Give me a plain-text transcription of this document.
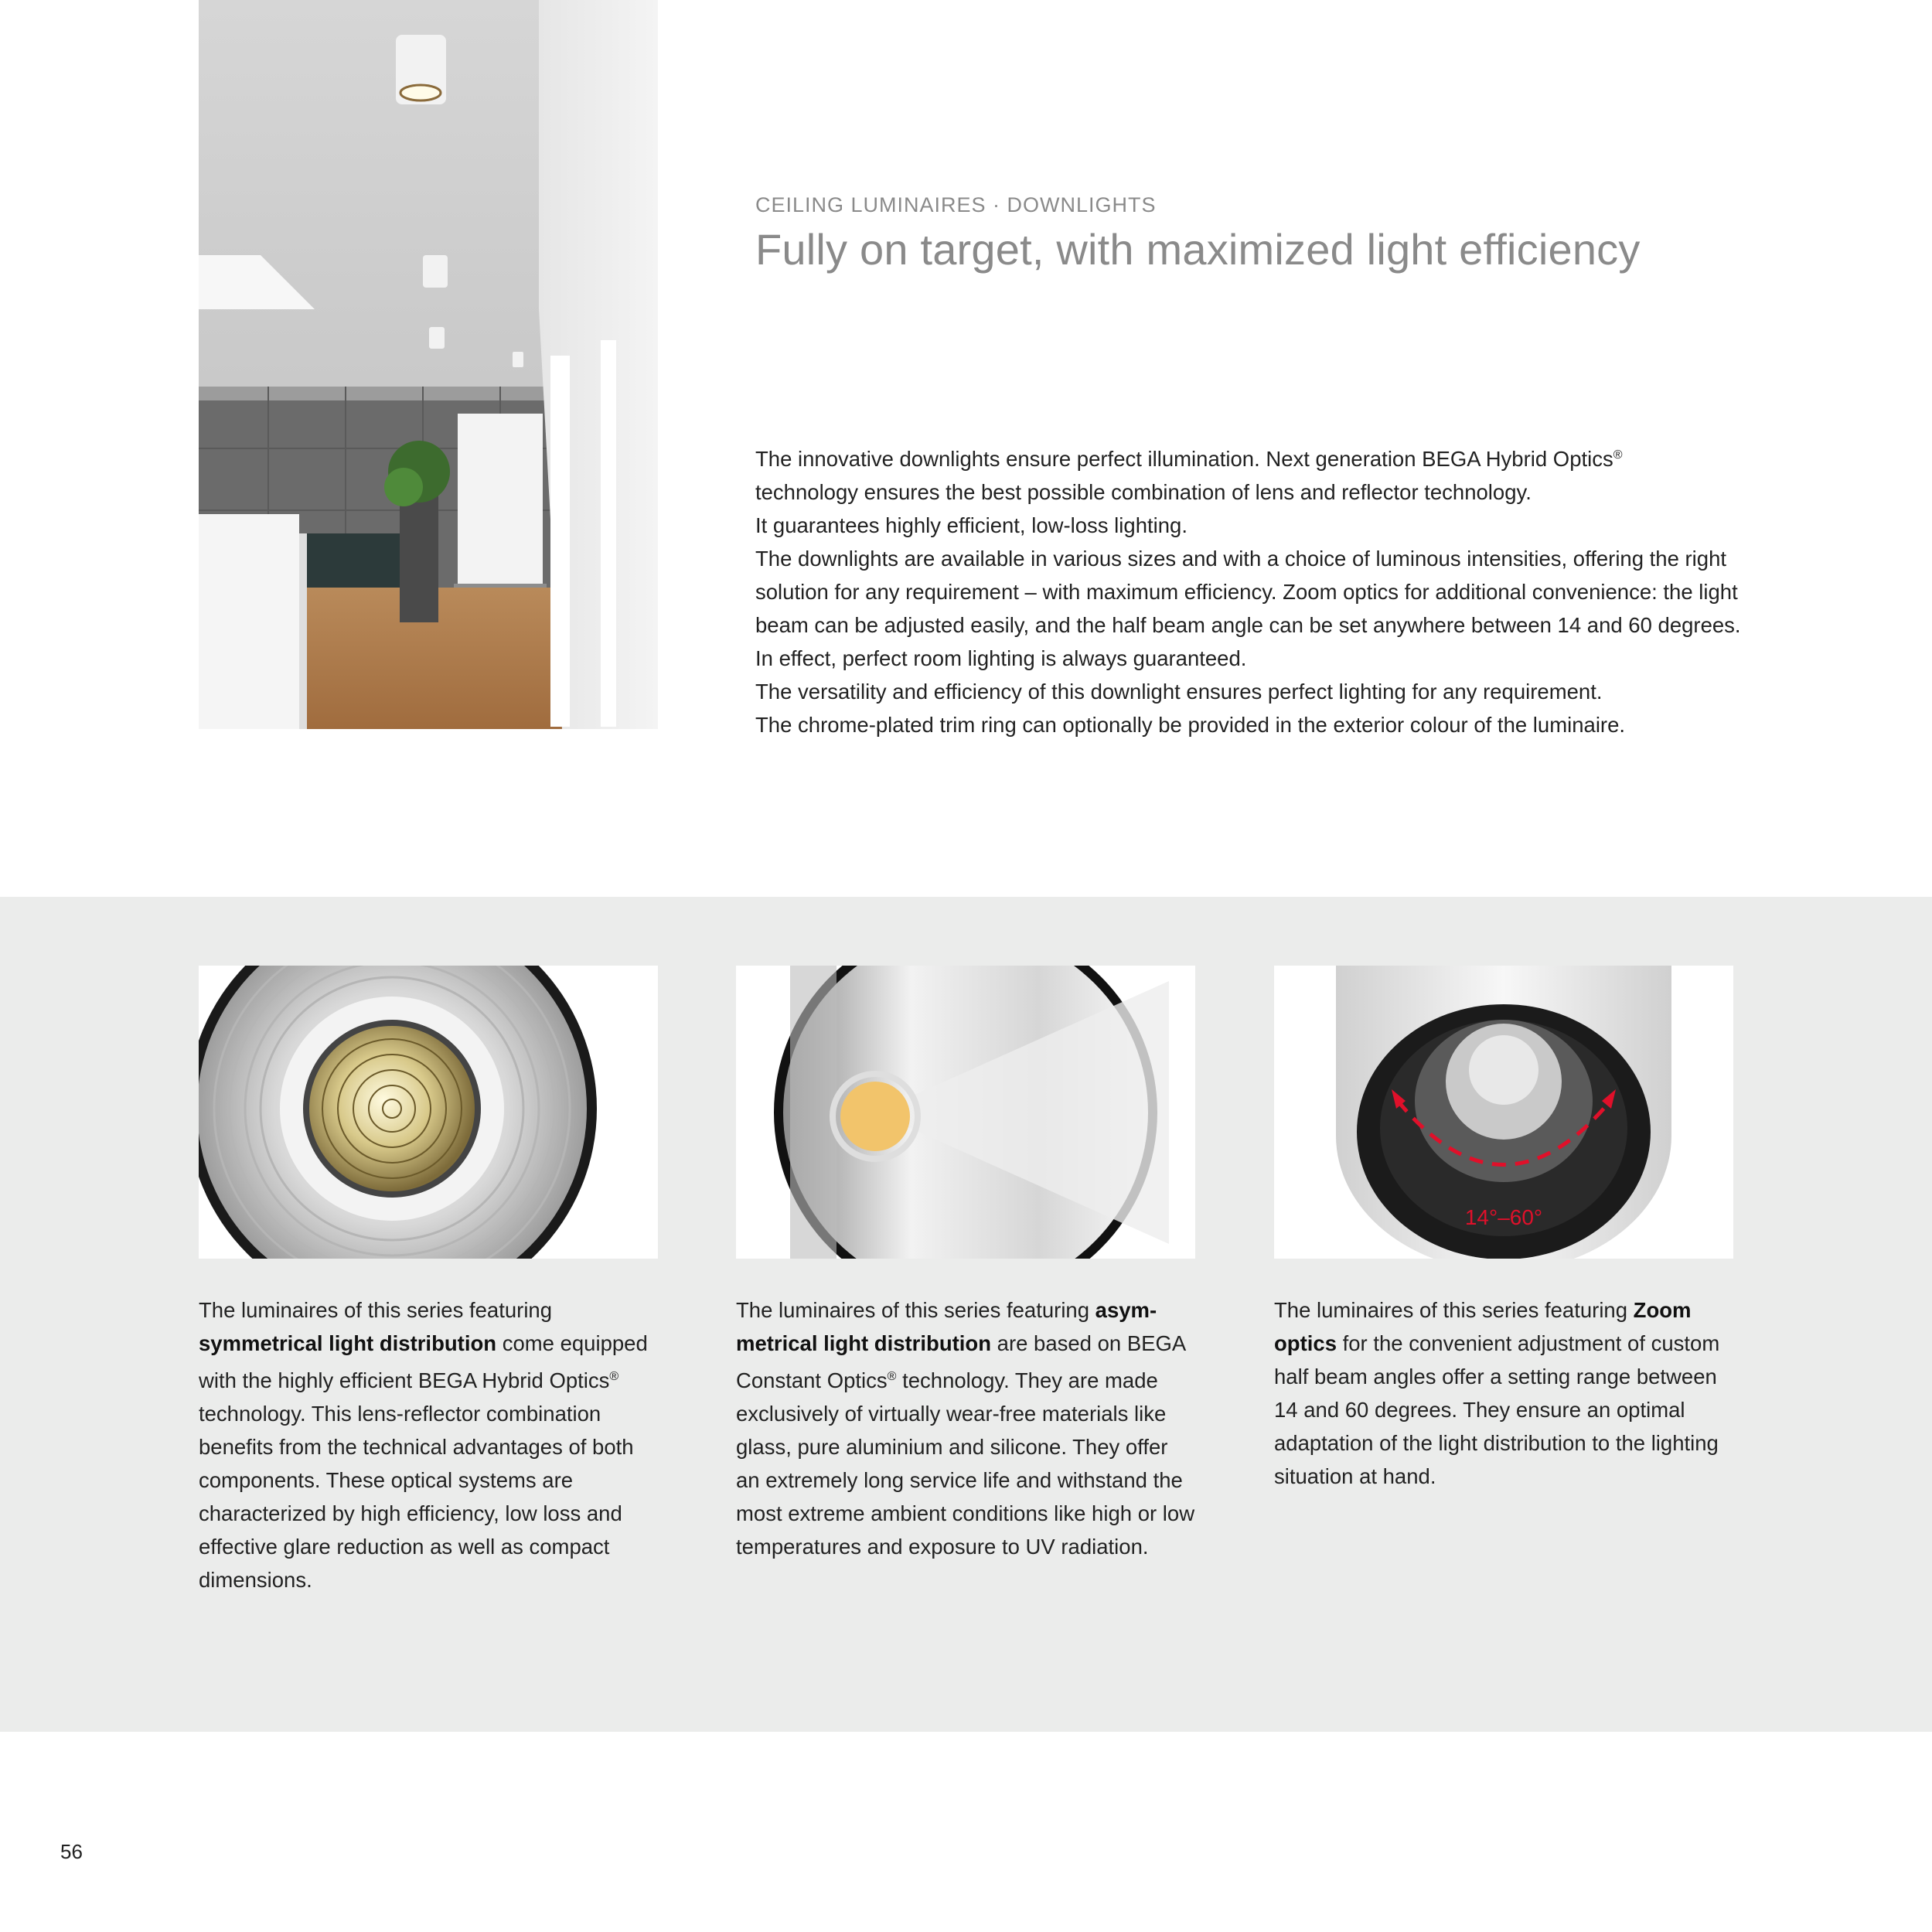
CEILING LUMINAIRES · DOWNLIGHTS
Fully on target, with maximized light efficiency

The innovative downlights ensure perfect illumination. Next generation BEGA Hybrid Optics®

technology ensures the best possible combination of lens and reflector technology.

It guarantees highly efficient, low-loss lighting.

The downlights are available in various sizes and with a choice of luminous intensities, offering the right solution for any requirement – with maximum efficiency. Zoom optics for additional convenience: the light beam can be adjusted easily, and the half beam angle can be set anywhere between 14 and 60 degrees. In effect, perfect room lighting is always guaranteed.

The versatility and efficiency of this downlight ensures perfect lighting for any requirement.

The chrome-plated trim ring can optionally be provided in the exterior colour of the luminaire.

The luminaires of this series featuring symmetrical light distribution come equipped with the highly efficient BEGA Hybrid Optics® technology. This lens-reflector combination benefits from the technical advantages of both components. These optical systems are characterized by high efficiency, low loss and effective glare reduction as well as compact dimensions.
The luminaires of this series featuring asymmetrical light distribution are based on BEGA Constant Optics® technology. They are made exclusively of virtually wear-free materials like glass, pure aluminium and silicone. They offer an extremely long service life and withstand the most extreme ambient conditions like high or low temperatures and exposure to UV radiation.
14°–60°
The luminaires of this series featuring Zoom optics for the convenient adjustment of custom half beam angles offer a setting range between 14 and 60 degrees. They ensure an optimal adaptation of the light distribution to the lighting situation at hand.
56
